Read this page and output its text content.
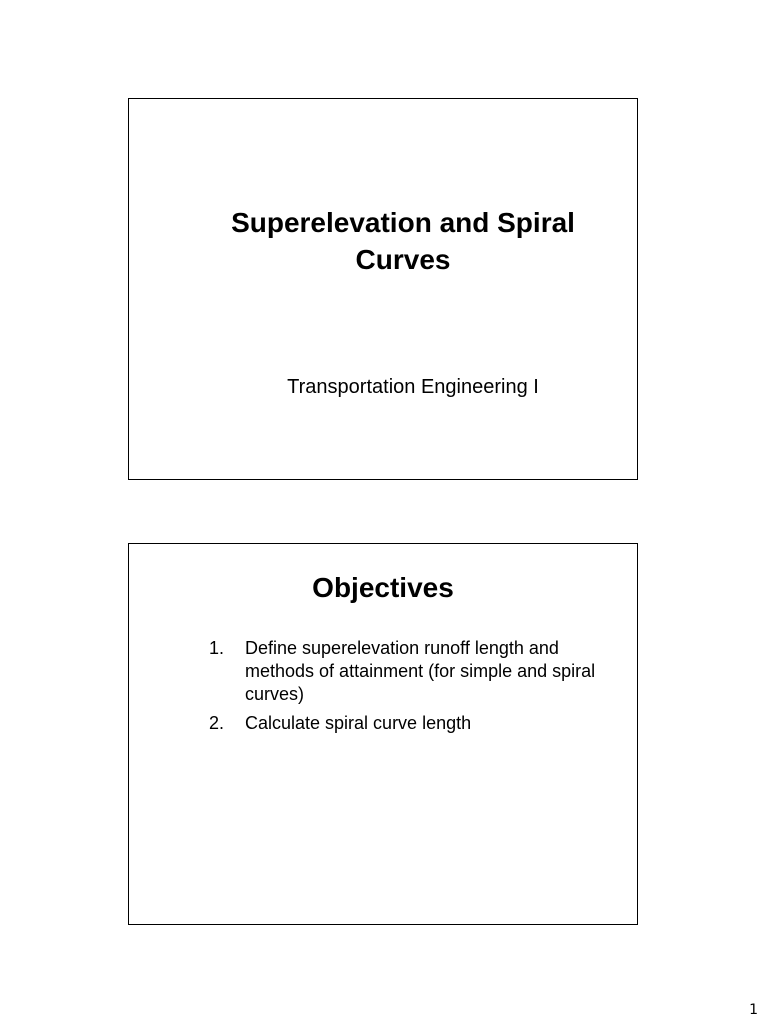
Superelevation and Spiral
Curves
Transportation Engineering I
Objectives
1. Define superelevation runoff length and methods of attainment (for simple and spiral curves)
2. Calculate spiral curve length
1
